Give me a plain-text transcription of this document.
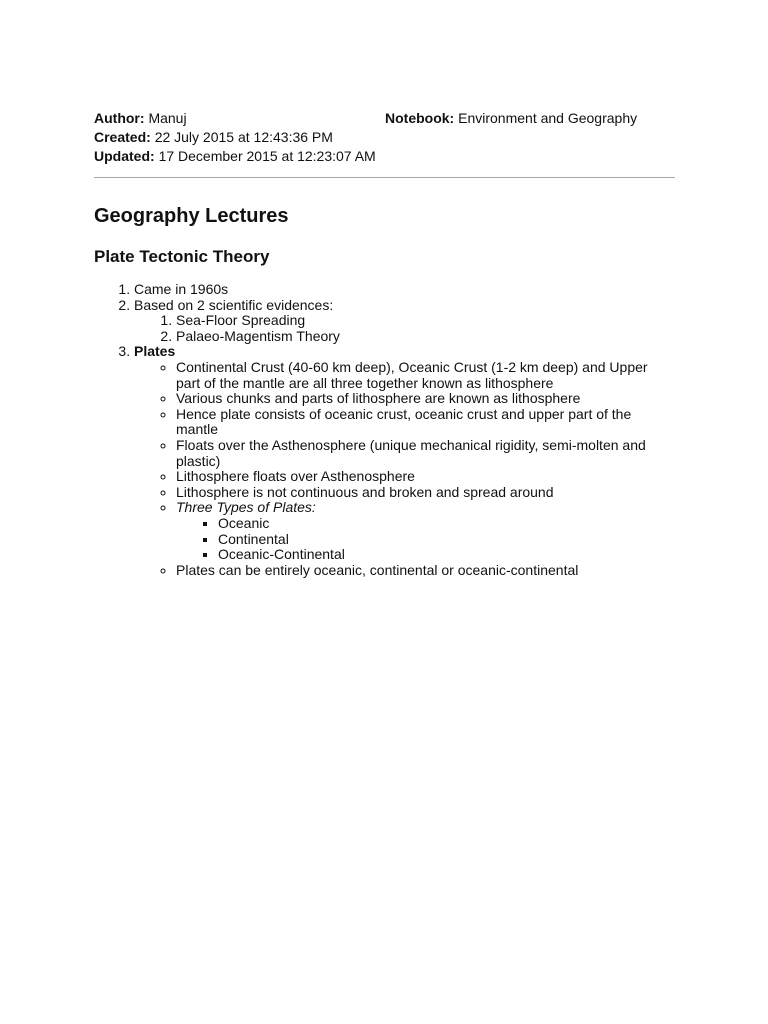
Author: Manuj
Created: 22 July 2015 at 12:43:36 PM
Updated: 17 December 2015 at 12:23:07 AM
Notebook: Environment and Geography
Geography Lectures
Plate Tectonic Theory
1. Came in 1960s
2. Based on 2 scientific evidences:
1. Sea-Floor Spreading
2. Palaeo-Magentism Theory
3. Plates
◦ Continental Crust (40-60 km deep), Oceanic Crust (1-2 km deep) and Upper part of the mantle are all three together known as lithosphere
◦ Various chunks and parts of lithosphere are known as lithosphere
◦ Hence plate consists of oceanic crust, oceanic crust and upper part of the mantle
◦ Floats over the Asthenosphere (unique mechanical rigidity, semi-molten and plastic)
◦ Lithosphere floats over Asthenosphere
◦ Lithosphere is not continuous and broken and spread around
◦ Three Types of Plates:
▪ Oceanic
▪ Continental
▪ Oceanic-Continental
◦ Plates can be entirely oceanic, continental or oceanic-continental
